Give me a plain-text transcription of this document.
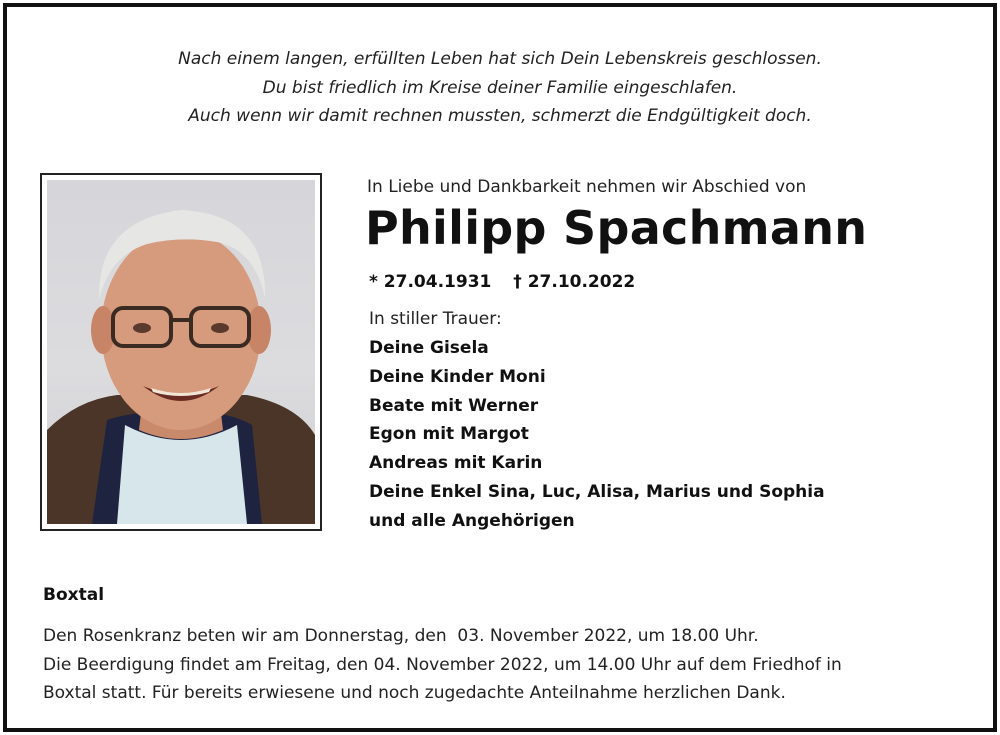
Nach einem langen, erfüllten Leben hat sich Dein Lebenskreis geschlossen.
Du bist friedlich im Kreise deiner Familie eingeschlafen.
Auch wenn wir damit rechnen mussten, schmerzt die Endgültigkeit doch.
In Liebe und Dankbarkeit nehmen wir Abschied von
Philipp Spachmann
* 27.04.1931 † 27.10.2022
In stiller Trauer:
Deine Gisela
Deine Kinder Moni
Beate mit Werner
Egon mit Margot
Andreas mit Karin
Deine Enkel Sina, Luc, Alisa, Marius und Sophia
und alle Angehörigen
Boxtal

Den Rosenkranz beten wir am Donnerstag, den  03. November 2022, um 18.00 Uhr.

Die Beerdigung findet am Freitag, den 04. November 2022, um 14.00 Uhr auf dem Friedhof in

Boxtal statt. Für bereits erwiesene und noch zugedachte Anteilnahme herzlichen Dank.
